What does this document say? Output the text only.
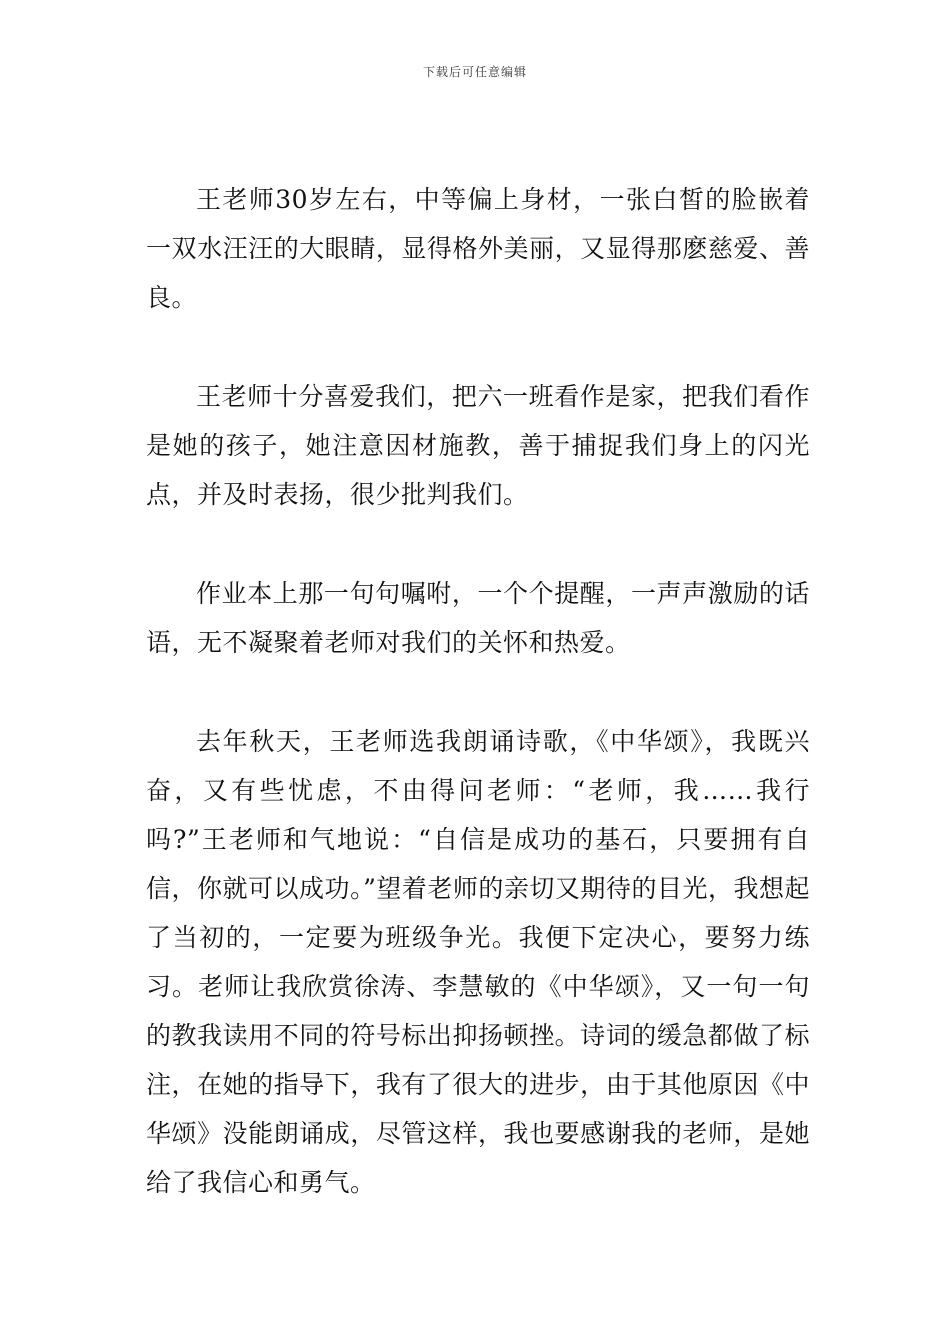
下载后可任意编辑

王老师30岁左右，中等偏上身材，一张白皙的脸嵌着一双水汪汪的大眼睛，显得格外美丽，又显得那麽慈爱、善良。

王老师十分喜爱我们，把六一班看作是家，把我们看作是她的孩子，她注意因材施教，善于捕捉我们身上的闪光点，并及时表扬，很少批判我们。

作业本上那一句句嘱咐，一个个提醒，一声声激励的话语，无不凝聚着老师对我们的关怀和热爱。

去年秋天，王老师选我朗诵诗歌，《中华颂》，我既兴奋，又有些忧虑，不由得问老师：“老师，我……我行吗?”王老师和气地说：“自信是成功的基石，只要拥有自信，你就可以成功。”望着老师的亲切又期待的目光，我想起了当初的，一定要为班级争光。我便下定决心，要努力练习。老师让我欣赏徐涛、李慧敏的《中华颂》，又一句一句的教我读用不同的符号标出抑扬顿挫。诗词的缓急都做了标注，在她的指导下，我有了很大的进步，由于其他原因《中华颂》没能朗诵成，尽管这样，我也要感谢我的老师，是她给了我信心和勇气。
